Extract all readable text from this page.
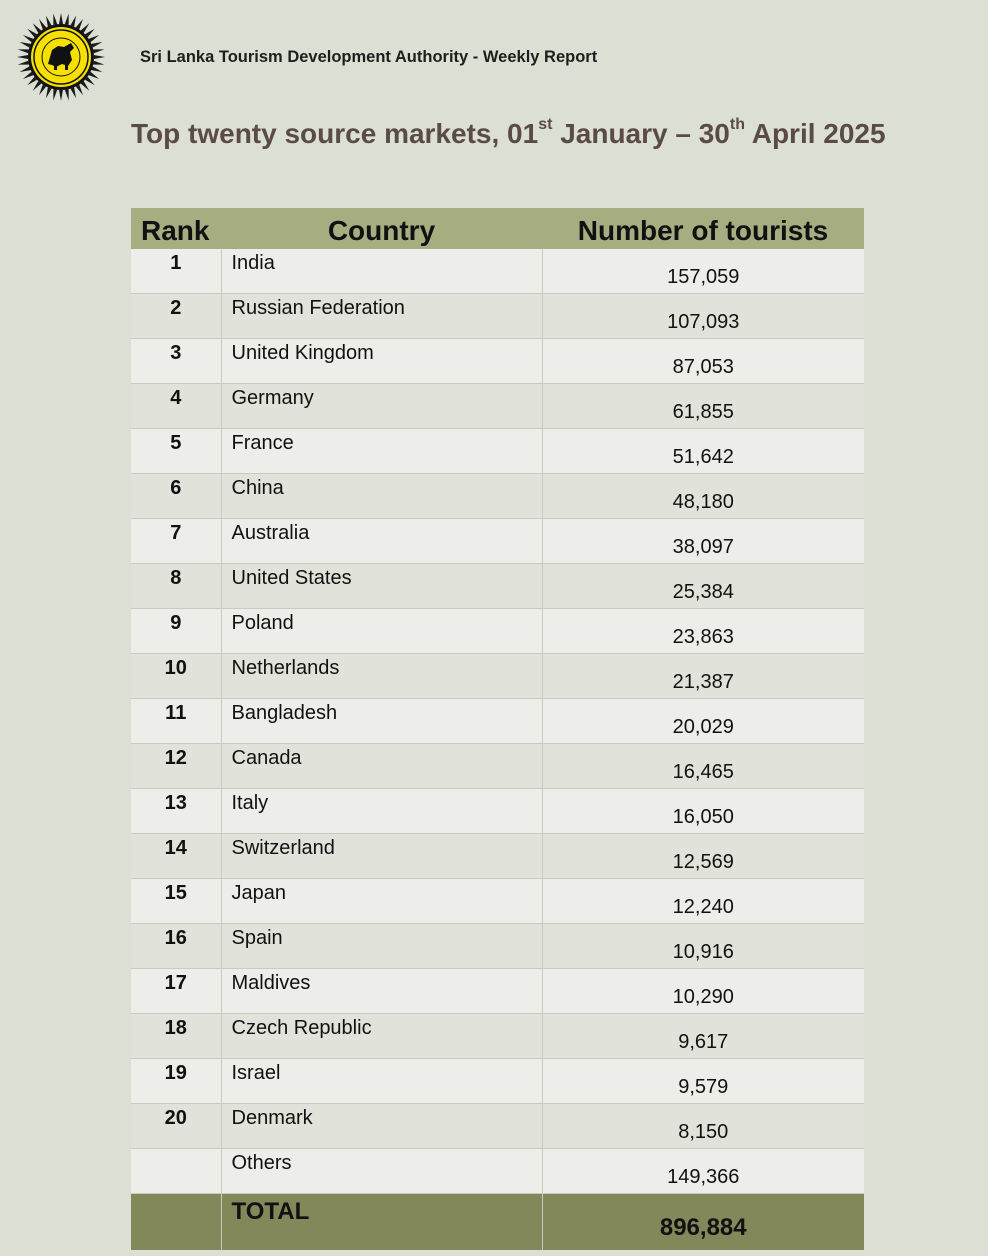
Sri Lanka Tourism Development Authority - Weekly Report
Top twenty source markets, 01st January – 30th April 2025
Rank	Country	Number of tourists
1	India	157,059
2	Russian Federation	107,093
3	United Kingdom	87,053
4	Germany	61,855
5	France	51,642
6	China	48,180
7	Australia	38,097
8	United States	25,384
9	Poland	23,863
10	Netherlands	21,387
11	Bangladesh	20,029
12	Canada	16,465
13	Italy	16,050
14	Switzerland	12,569
15	Japan	12,240
16	Spain	10,916
17	Maldives	10,290
18	Czech Republic	9,617
19	Israel	9,579
20	Denmark	8,150
	Others	149,366
	TOTAL	896,884
